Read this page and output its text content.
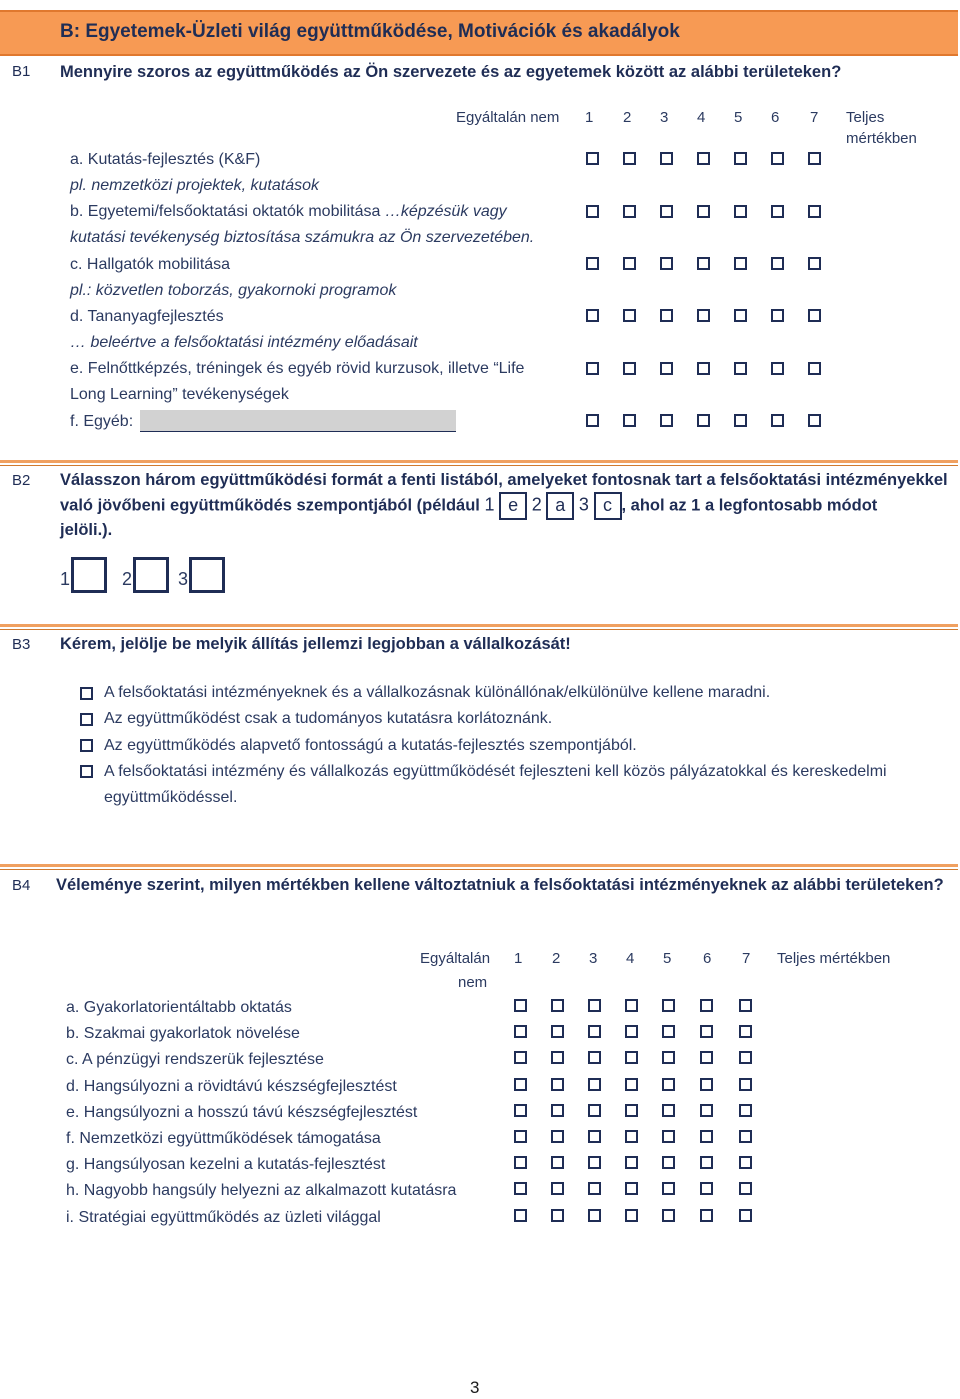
B: Egyetemek-Üzleti világ együttműködése, Motivációk és akadályok
B1 Mennyire szoros az együttműködés az Ön szervezete és az egyetemek között az alábbi területeken?
Egyáltalán nem 1 2 3 4 5 6 7 Teljes
mértékben
a. Kutatás-fejlesztés (K&F)
pl. nemzetközi projektek, kutatások
b. Egyetemi/felsőoktatási oktatók mobilitása …képzésük vagy
kutatási tevékenység biztosítása számukra az Ön szervezetében.
c. Hallgatók mobilitása
pl.: közvetlen toborzás, gyakornoki programok
d. Tananyagfejlesztés
… beleértve a felsőoktatási intézmény előadásait
e. Felnőttképzés, tréningek és egyéb rövid kurzusok, illetve “Life
Long Learning” tevékenységek
f. Egyéb:
B2 Válasszon három együttműködési formát a fenti listából, amelyeket fontosnak tart a felsőoktatási intézményekkel
való jövőbeni együttműködés szempontjából (például 1 e 2 a 3 c , ahol az 1 a legfontosabb módot
jelöli.).
1	2	3
B3 Kérem, jelölje be melyik állítás jellemzi legjobban a vállalkozását!
A felsőoktatási intézményeknek és a vállalkozásnak különállónak/elkülönülve kellene maradni.
Az együttműködést csak a tudományos kutatásra korlátoznánk.
Az együttműködés alapvető fontosságú a kutatás-fejlesztés szempontjából.
A felsőoktatási intézmény és vállalkozás együttműködését fejleszteni kell közös pályázatokkal és kereskedelmi
együttműködéssel.
B4 Véleménye szerint, milyen mértékben kellene változtatniuk a felsőoktatási intézményeknek az alábbi területeken?
Egyáltalán
nem
1 2 3 4 5 6 7 Teljes mértékben
a. Gyakorlatorientáltabb oktatás
b. Szakmai gyakorlatok növelése
c. A pénzügyi rendszerük fejlesztése
d. Hangsúlyozni a rövidtávú készségfejlesztést
e. Hangsúlyozni a hosszú távú készségfejlesztést
f. Nemzetközi együttműködések támogatása
g. Hangsúlyosan kezelni a kutatás-fejlesztést
h. Nagyobb hangsúly helyezni az alkalmazott kutatásra
i. Stratégiai együttműködés az üzleti világgal
3
